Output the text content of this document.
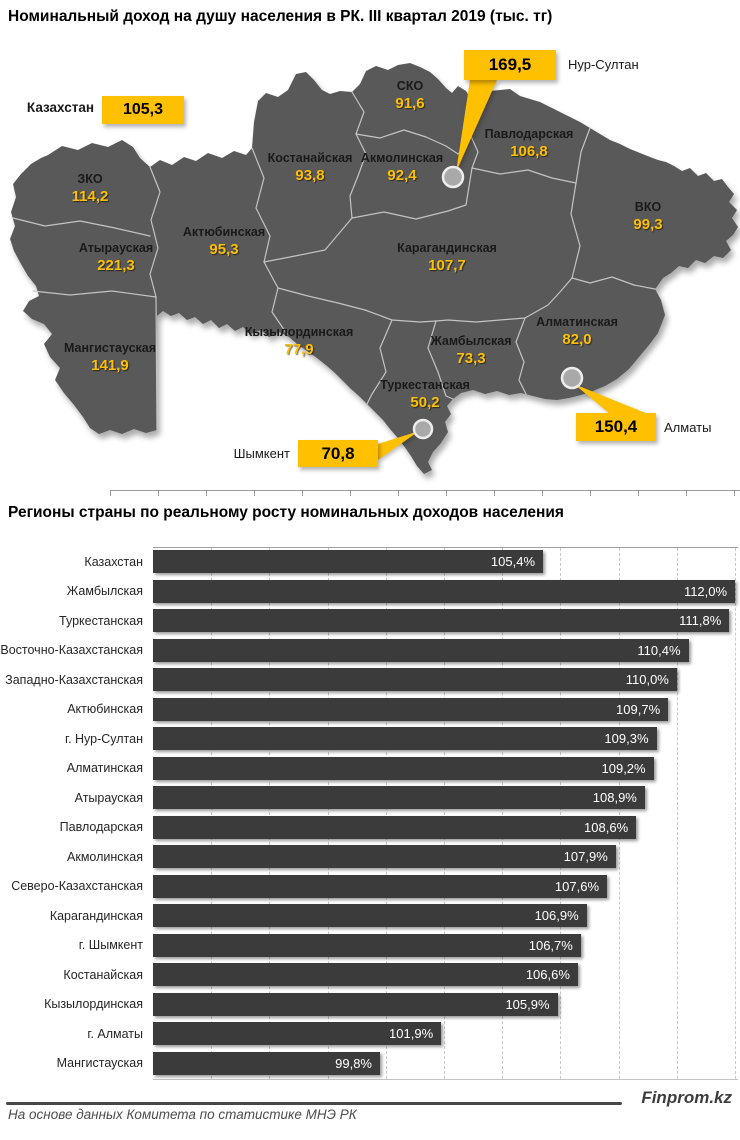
Номинальный доход на душу населения в РК. III квартал 2019 (тыс. тг)
Казахстан	105,3
СКО
91,6
Павлодарская
106,8
Костанайская
93,8
Акмолинская
92,4
ЗКО
114,2
Актюбинская
95,3
Атырауская
221,3
Карагандинская
107,7
ВКО
99,3
Мангистауская
141,9
Кызылординская
77,9	Жамбылская
73,3
Алматинская
82,0
Туркестанская
50,2
169,5	Нур-Султан
150,4	Алматы
Шымкент	70,8
Регионы страны по реальному росту номинальных доходов населения
Казахстан	105,4%
Жамбылская	112,0%
Туркестанская	111,8%
Восточно-Казахстанская	110,4%
Западно-Казахстанская	110,0%
Актюбинская	109,7%
г. Нур-Султан	109,3%
Алматинская	109,2%
Атырауская	108,9%
Павлодарская	108,6%
Акмолинская	107,9%
Северо-Казахстанская	107,6%
Карагандинская	106,9%
г. Шымкент	106,7%
Костанайская	106,6%
Кызылординская	105,9%
г. Алматы	101,9%
Мангистауская	99,8%
Finprom.kz
На основе данных Комитета по статистике МНЭ РК
